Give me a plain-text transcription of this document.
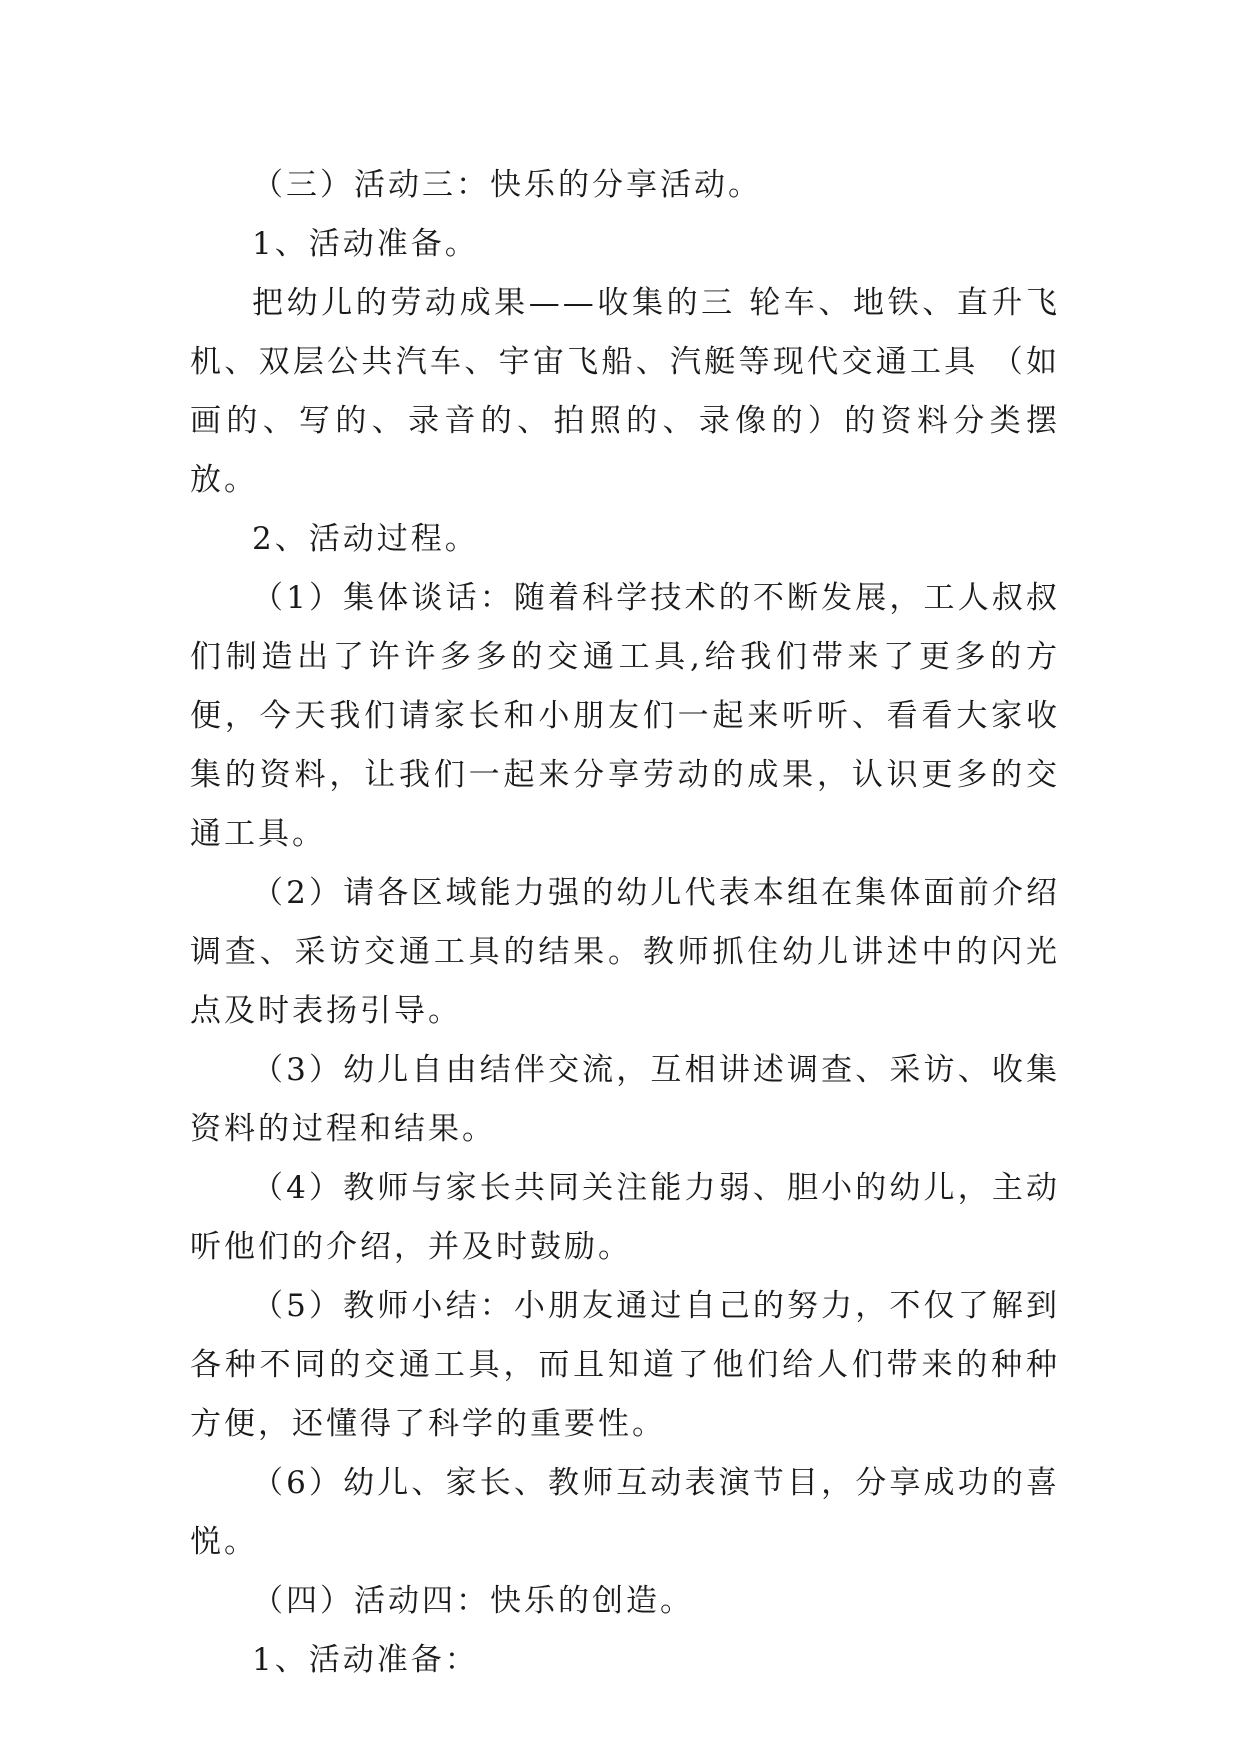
（三）活动三：快乐的分享活动。

1、活动准备。

把幼儿的劳动成果——收集的三 轮车、地铁、直升飞机、双层公共汽车、宇宙飞船、汽艇等现代交通工具 （如画的、写的、录音的、拍照的、录像的）的资料分类摆放。

2、活动过程。

（1）集体谈话：随着科学技术的不断发展，工人叔叔们制造出了许许多多的交通工具,给我们带来了更多的方便，今天我们请家长和小朋友们一起来听听、看看大家收集的资料，让我们一起来分享劳动的成果，认识更多的交通工具。

（2）请各区域能力强的幼儿代表本组在集体面前介绍调查、采访交通工具的结果。教师抓住幼儿讲述中的闪光点及时表扬引导。

（3）幼儿自由结伴交流，互相讲述调查、采访、收集资料的过程和结果。

（4）教师与家长共同关注能力弱、胆小的幼儿，主动听他们的介绍，并及时鼓励。

（5）教师小结：小朋友通过自己的努力，不仅了解到各种不同的交通工具，而且知道了他们给人们带来的种种方便，还懂得了科学的重要性。

（6）幼儿、家长、教师互动表演节目，分享成功的喜悦。

（四）活动四：快乐的创造。

1、活动准备：
